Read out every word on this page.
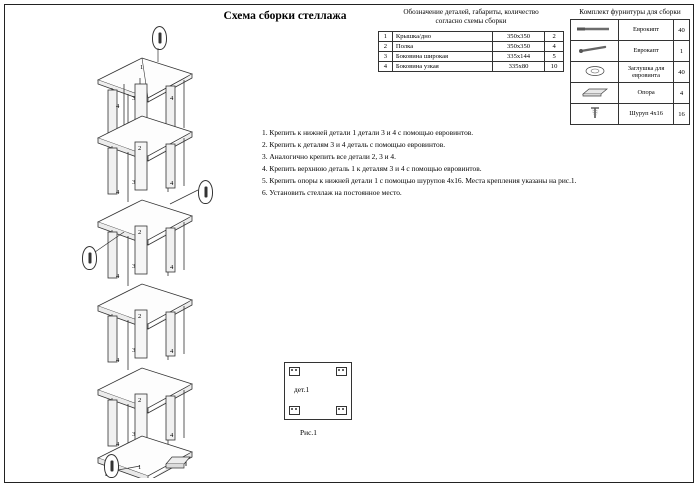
Схема сборки стеллажа	Обозначение деталей, габариты, количество
согласно схемы сборки
1	Крышка/дно	350х350	2
2	Полка	350х350	4
3	Боковина широкая	335х144	5
4	Боковина узкая	335х80	10
Комплект фурнитуры для сборки
	Еврокипт	40
	Еврокапт	1
	Заглушка для евровинта	40
	Опора	4
	Шуруп 4х16	16
1. Крепить к нижней детали 1 детали 3 и 4 с помощью евровинтов.
2. Крепить к деталям 3 и 4 деталь с помощью евровинтов.
3. Аналогично крепить все детали 2, 3 и 4.
4. Крепить верхнюю деталь 1 к деталям 3 и 4 с помощью евровинтов.
5. Крепить опоры к нижней детали 1 с помощью шурупов 4х16. Места крепления указаны на рис.1.
6. Установить стеллаж на постоянное место.
дет.1
Рис.1
1
3
4
4
2
3
4
4
2
3
4
4
2
3
4
4
2
3
4
4
1
